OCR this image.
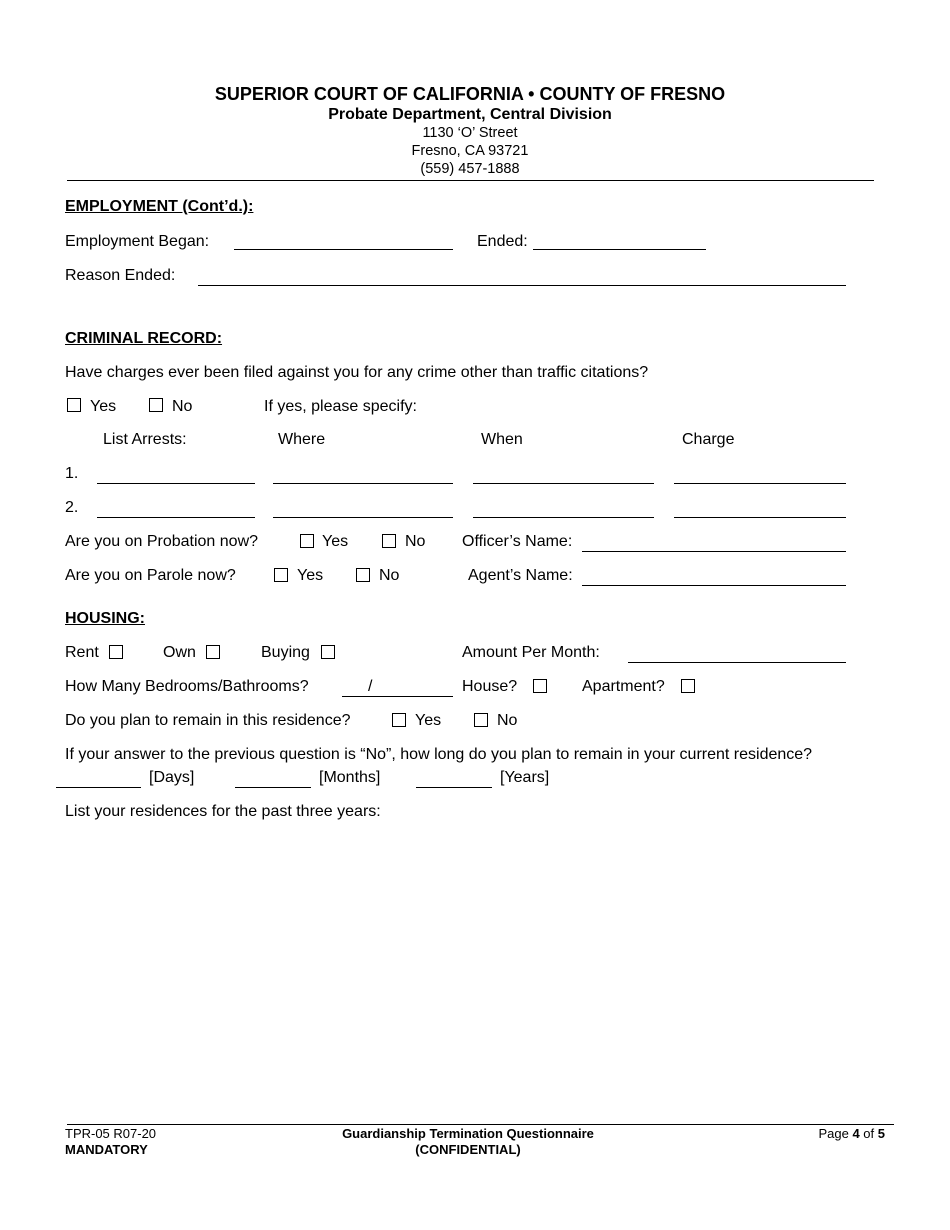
SUPERIOR COURT OF CALIFORNIA • COUNTY OF FRESNO
Probate Department, Central Division
1130 ‘O’ Street
Fresno, CA 93721
(559) 457-1888
EMPLOYMENT (Cont’d.):
Employment Began:	Ended:
Reason Ended:
CRIMINAL RECORD:
Have charges ever been filed against you for any crime other than traffic citations?
Yes	No	If yes, please specify:
List Arrests:	Where	When	Charge
1.
2.
Are you on Probation now?	Yes	No Officer’s Name:
Are you on Parole now?	Yes	No	Agent’s Name:
HOUSING:
Rent	Own	Buying	Amount Per Month:
How Many Bedrooms/Bathrooms?	/	House?	Apartment?
Do you plan to remain in this residence?	Yes	No
If your answer to the previous question is “No”, how long do you plan to remain in your current residence?
[Days]	[Months]	[Years]
List your residences for the past three years:
TPR-05 R07-20
MANDATORY
Guardianship Termination Questionnaire
(CONFIDENTIAL)
Page 4 of 5
